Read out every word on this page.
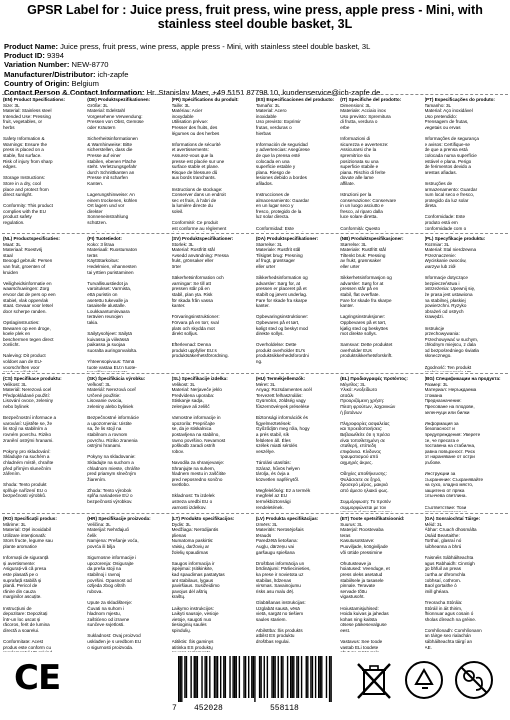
GPSR Label for : Juice press, fruit press, wine press, apple press - Mini, with stainless steel double basket, 3L
Product Name: Juice press, fruit press, wine press, apple press - Mini, with stainless steel double basket, 3L
Product ID: 9394
Variation Number: NEW-8770
Manufacturer/Distributor: ich-zapfe
Country of Origin: Belgium
Contact Person & Contact Information: Hr. Stanislav Maer, +49 5151 87798 10, kundenservice@ich-zapfe.de
(EN) Product Specifications:
Size: 3L
Material: Stainless steel
Intended Use: Pressing
fruit, vegetables, or
herbs

Safety Information &
Warnings: Ensure the
press is placed on a
stable, flat surface.
Risk of injury from sharp
edges.

Storage Instructions:
Store in a dry, cool
place and protect from
direct sunlight.

Conformity: This product
complies with the EU
product safety
regulation.
(DE) Produktspezifikationen:
Größe: 3L
Material: Edelstahl
Vorgesehene Verwendung:
Pressen von Obst, Gemüse
oder Kräutern

Sicherheitsinformationen
& Warnhinweise: Bitte
sicherstellen, dass die
Presse auf einer
stabilen, ebenen Fläche
steht. Verletzungsgefahr
durch Schnittkanten an
Presse mit scharfen
Kanten.

Lagerungshinweise: An
einem trockenen, kühlen
Ort lagern und vor
direkter
Sonneneinstrahlung
schützen.

(FR) Spécifications du produit:
Taille: 3L
Matériau: Acier
inoxydable
Utilisation prévue:
Presser des fruits, des
légumes ou des herbes

Informations de sécurité
et avertissements:
Assurez-vous que la
presse est placée sur une
surface stable et plane.
Risque de blessure dû
aux bords tranchants.

Instructions de stockage:
Conserver dans un endroit
sec et frais, à l'abri de
la lumière directe du
soleil.

Conformité: Ce produit
est conforme au règlement
(ES) Especificaciones del producto:
Tamaño: 3L
Material: Acero
inoxidable
Uso previsto: Exprimir
frutas, verduras o
hierbas

Información de seguridad
y advertencias: Asegúrese
de que la prensa esté
colocada en una
superficie estable y
plana. Riesgo de
lesiones debido a bordes
afilados.

Instrucciones de
almacenamiento: Guardar
en un lugar seco y
fresco, protegido de la
luz solar directa.

Conformidad: Este
(IT) Specifiche del prodotto:
Dimensioni: 3L
Materiale: Acciaio inox
Uso previsto: Spremitura
di frutta, verdura o
erbe

Informazioni di
sicurezza e avvertenze:
Assicurarsi che la
spremitrice sia
posizionata su una
superficie stabile e
piana. Rischio di ferite
dovute alle lame
affilate.

Istruzioni per la
conservazione: Conservare
in un luogo asciutto e
fresco, al riparo dalla
luce solare diretta.

Conformità: Questo
(PT) Especificações do produto:
Tamanho: 3L
Material: Aço inoxidável
Uso pretendido:
Prensagem de frutas,
vegetais ou ervas

Informações de segurança
e avisos: Certifique-se
de que a prensa está
colocada numa superfície
estável e plana. Perigo
de ferimentos devido a
arestas afiadas.

Instruções de
armazenamento: Guardar
num local seco e fresco,
protegido da luz solar
direta.

Conformidade: Este
produto está em
conformidade com o
(NL) Productspecificaties:
Maat: 3L
Materiaal: Roestvrij
staal
Beoogd gebruik: Persen
van fruit, groenten of
kruiden

Veiligheidsinformatie en
waarschuwingen: Zorg
ervoor dat de pers op een
stabiel, vlak oppervlak
staat. Gevaar voor letsel
door scherpe randen.

Opslaginstructies:
Bewaren op een droge,
koele plek en
beschermen tegen direct
zonlicht.

Naleving: Dit product
voldoet aan de EU-
voorschriften voor
(FI) Tuotetiedot:
Koko: 3 litraa
Materiaali: Ruostumaton
teräs
Käyttötarkoitus:
Hedelmien, vihannesten
tai yrttien puristaminen

Turvallisuustiedot ja
varoitukset: Varmista,
että puristin on
asetettu tukevalle ja
tasaiselle alustalle.
Loukkaantumisvaara
terävien reunojen
takia.

Säilytysohjeet: Säilytä
kuivassa ja viileässä
paikassa ja suojaa
suoralta auringonvalolta.

Yhteensopivuus: Tämä
tuote vastaa EU:n tuote-
(SV) Produktspecifikationer:
Storlek: 3L
Material: Rostfritt stål
Avsedd användning: Pressa
frukt, grönsaker eller
örter

Säkerhetsinformation och
varningar: Se till att
pressen står på en
stabil, plan yta. Risk
för skada från vassa
kanter.

Förvaringsinstruktioner:
Förvara på en torr, sval
plats och skydda mot
direkt solljus.

Efterlevnad: Denna
produkt uppfyller EU:s
produktsäkerhetsförordning.
(DA) Produktspecifikationer:
Størrelse: 3L
Materiale: Rustfrit stål
Tilsigtet brug: Presning
af frugt, grøntsager
eller urter

Sikkerhedsinformation og
advarsler: Sørg for, at
pressen er placeret på et
stabilt og jævnt underlag.
Fare for skade fra skarpe
kanter.

Opbevaringsinstruktioner:
Opbevares på et tørt,
køligt sted og beskyt mod
direkte sollys.

Overholdelse: Dette
produkt overholder EU's
produktsikkerhedsforordni
ng.
(NB) Produktspesifikasjoner:
Størrelse: 3L
Materiale: Rustfritt stål
Tiltenkt bruk: Pressing
av frukt, grønnsaker
eller urter

Sikkerhetsinformasjon og
advarsler: Sørg for at
pressen står på en
stabil, flat overflate.
Fare for skade fra skarpe
kanter.

Lagringsinstruksjoner:
Oppbevares på et tørt,
kjølig sted og beskyttes
mot direkte sollys.

Samsvar: Dette produktet
overholder EUs
produktsikkerhetsforskrift.
(PL) Specyfikacje produktu:
Rozmiar: 3L
Materiał: Stal nierdzewna
Przeznaczenie:
Wyciskanie owoców,
warzyw lub ziół

Informacje dotyczące
bezpieczeństwa i
ostrzeżenia: Upewnij się,
że prasa jest ustawiona
na stabilnej, płaskiej
powierzchni. Ryzyko
obrażeń od ostrych
krawędzi.

Instrukcje
przechowywania:
Przechowywać w suchym,
chłodnym miejscu, z dala
od bezpośredniego światła
słonecznego.

Zgodność: Ten produkt
(CS) Specifikace produktu:
Velikost: 3L
Materiál: Nerezová ocel
Předpokládané použití:
Lisování ovoce, zeleniny
nebo bylinek

Bezpečnostní informace a
varování: Ujistěte se, že
lis stojí na stabilním a
rovném povrchu. Riziko
zranění ostrými hranami.

Pokyny pro skladování:
Skladujte na suchém a
chladném místě, chraňte
před přímým slunečním
zářením.

Shoda: Tento produkt
splňuje nařízení EU o
bezpečnosti výrobků.
(SK) Špecifikácia výrobku:
Veľkosť: 3L
Materiál: Nerezová oceľ
Určené použitie:
Lisovanie ovocia,
zeleniny alebo byliniek

Bezpečnostné informácie
a upozornenia: Uistite
sa, že lis stojí na
stabilnom a rovnom
povrchu. Riziko zranenia
ostrými hranami.

Pokyny na skladovanie:
Skladujte na suchom a
chladnom mieste, chráňte
pred priamym slnečným
žiarením.

Zhoda: Tento výrobok
spĺňa nariadenie EÚ o
bezpečnosti výrobkov.
(SL) Specifikacije izdelka:
Velikost: 3L
Material: Nerjaveče jeklo
Predvidena uporaba:
Stiskanje sadja,
zelenjave ali zelišč

Varnostne informacije in
opozorila: Prepričajte
se, da je stiskalnica
postavljena na stabilno,
ravno površino. Nevarnost
poškodb zaradi ostrih
robov.

Navodila za shranjevanje:
Shranjujte na suhem,
hladnem mestu in zaščitite
pred neposredno sončno
svetlobo.

Skladnost: Ta izdelek
ustreza uredbi EU o
varnosti izdelkov.
(HU) Termékjellemzők:
Méret: 3L
Anyag: Rozsdamentes acél
Tervezett felhasználás:
Gyümölcs, zöldség vagy
fűszernövények préselése

Biztonsági információk és
figyelmeztetések:
Győződjön meg róla, hogy
a prés stabil, sík
felületen áll. Éles
szélek miatti sérülés
veszélye.

Tárolási utasítás:
Száraz, hűvös helyen
tárolja, és óvja a
közvetlen napfénytől.

Megfelelőség: Ez a termék
megfelel az EU
termékbiztonsági
rendeletének.
(EL) Προδιαγραφές προϊόντος:
Μέγεθος: 3L
Υλικό: Ανοξείδωτο
ατσάλι
Προοριζόμενη χρήση:
Πίεση φρούτων, λαχανικών
ή βοτάνων

Πληροφορίες ασφαλείας
και προειδοποιήσεις:
Βεβαιωθείτε ότι η πρέσα
είναι τοποθετημένη σε
σταθερή, επίπεδη
επιφάνεια. Κίνδυνος
τραυματισμού από
αιχμηρές άκρες.

Οδηγίες αποθήκευσης:
Φυλάσσετε σε ξηρό,
δροσερό μέρος, μακριά
από άμεσο ηλιακό φως.

Συμμόρφωση: Το προϊόν
συμμορφώνεται με τον
(BG) Спецификации на продукта:
Размер: 3L
Материал: Неръждаема
стомана
Предназначение:
Пресоване на плодове,
зеленчуци или билки

Информация за
безопасност и
предупреждения: Уверете
се, че пресата е
поставена на стабилна,
равна повърхност. Риск
от нараняване от остри
ръбове.

Инструкции за
съхранение: Съхранявайте
на сухо, хладно място,
защитено от пряка
слънчева светлина.

Съответствие: Този
(RO) Specificații produs:
Mărime: 3L
Material: Oțel inoxidabil
Utilizare intenționată:
Stors fructe, legume sau
plante aromatice

Informații de siguranță
și avertismente:
Asigurați-vă că presa
este plasată pe o
suprafață stabilă și
plană. Pericol de
rănire din cauza
marginilor ascuțite.

Instrucțiuni de
depozitare: Depozitați
într-un loc uscat și
răcoros, ferit de lumina
directă a soarelui.

Conformitate: Acest
produs este conform cu
(HR) Specifikacije proizvoda:
Veličina: 3L
Materijal: Nehrđajući
čelik
Namjena: Prešanje voća,
povrća ili bilja

Sigurnosne informacije i
upozorenja: Osigurajte
da preša stoji na
stabilnoj i ravnoj
površini. Opasnost od
ozljeda zbog oštrih
rubova.

Upute za skladištenje:
Čuvati na suhom i
hladnom mjestu,
zaštićeno od izravne
sunčeve svjetlosti.

Sukladnost: Ovaj proizvod
usklađen je s uredbom EU
o sigurnosti proizvoda.
(LT) Produkto specifikacijos:
Dydis: 3L
Medžiaga: Nerūdijantis
plienas
Numatoma paskirtis:
Vaisių, daržovių ar
žolelių spaudimas

Saugos informacija ir
įspėjimai: Įsitikinkite,
kad spaudimas pastatytas
ant stabilaus, lygaus
paviršiaus. Susižeidimo
pavojus dėl aštrių
kraštų.

Laikymo instrukcijos:
Laikyti sausoje, vėsioje
vietoje, saugoti nuo
tiesioginių saulės
spindulių.

Atitiktis: Šis gaminys
atitinka ES produktų
(LV) Produkta specifikācijas:
Izmērs: 3L
Materiāls: Nerūsējošais
tērauds
Paredzētā lietošana:
Augļu, dārzeņu vai
garšaugu spiešana

Drošības informācija un
brīdinājumi: Pārliecinieties,
ka prese ir novietota uz
stabilas, līdzenas
virsmas. Savainojumu
risks asu malu dēļ.

Glabāšanas instrukcijas:
Uzglabāt sausā, vēsā
vietā, sargāt no tiešiem
saules stariem.

Atbilstība: Šis produkts
atbilst ES produktu
drošības regulai.
(ET) Toote spetsifikatsioonid:
Suurus: 3L
Materjal: Roostevaba
teras
Kasutusotstarve:
Puuviljade, köögiviljade
või ürtide pressimine

Ohutusteave ja
hoiatused: Veenduge, et
press oleks asetatud
stabiilsele ja tasasele
pinnale. Teravate
servade tõttu
vigastusoht.

Hoiustamisjuhised:
Hoida kuivas ja jahedas
kohas ning kaitsta
otsese päikesevalguse
eest.

Vastavus: See toode
vastab ELi toodete
(GA) Sonraíochtaí Táirge:
Méid: 3L
Ábhar: Cruach dhosmálta
Úsáid Beartaithe:
Torthaí, glasraí nó
luibheanna a bhrú

Faisnéis Sábháilteachta
agus Rabhaidh: Cinntigh
go bhfuil an preas
curtha ar dhromchla
cobhsaí, cothrom.
Baol gortaithe ó
imill ghéara.

Treoracha Stórála:
Stóráil in áit thirim,
fhionnuar agus cosain ó
sholas díreach na gréine.

Comhlíonadh: Comhlíonann
an táirge seo rialachán
sábháilteachta táirgí an
AE.
CE
7 452028	558118
